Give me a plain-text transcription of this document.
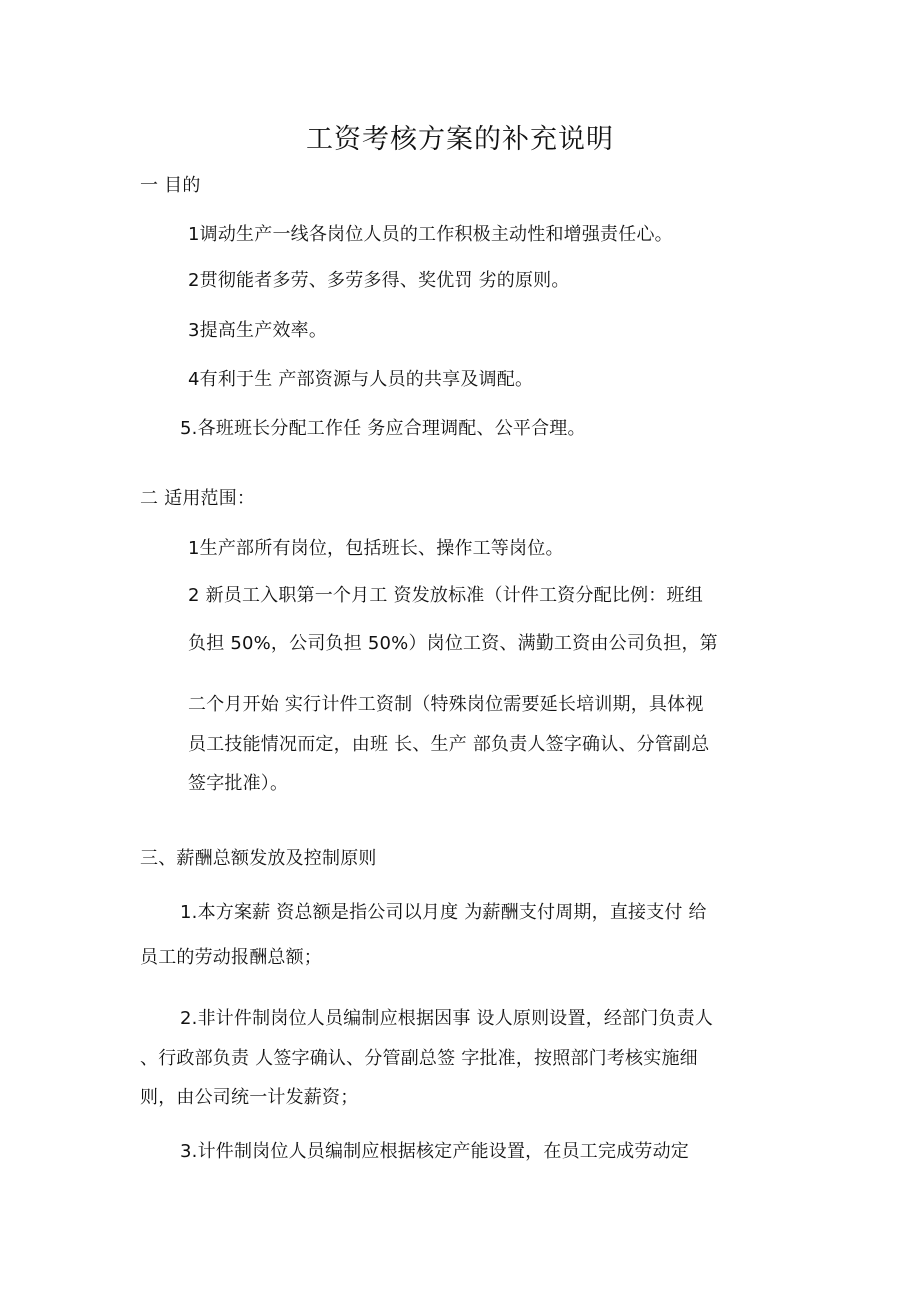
工资考核方案的补充说明
一 目的
1调动生产一线各岗位人员的工作积极主动性和增强责任心。
2贯彻能者多劳、多劳多得、奖优罚 劣的原则。
3提高生产效率。
4有利于生 产部资源与人员的共享及调配。
5.各班班长分配工作任 务应合理调配、公平合理。
二 适用范围：
1生产部所有岗位，包括班长、操作工等岗位。
2 新员工入职第一个月工 资发放标准（计件工资分配比例：班组
负担 50%，公司负担 50%）岗位工资、满勤工资由公司负担，第
二个月开始 实行计件工资制（特殊岗位需要延长培训期，具体视
员工技能情况而定，由班 长、生产 部负责人签字确认、分管副总
签字批准）。
三、薪酬总额发放及控制原则
1.本方案薪 资总额是指公司以月度 为薪酬支付周期，直接支付 给
员工的劳动报酬总额；
2.非计件制岗位人员编制应根据因事 设人原则设置，经部门负责人
、行政部负责 人签字确认、分管副总签 字批准，按照部门考核实施细
则，由公司统一计发薪资；
3.计件制岗位人员编制应根据核定产能设置，在员工完成劳动定
